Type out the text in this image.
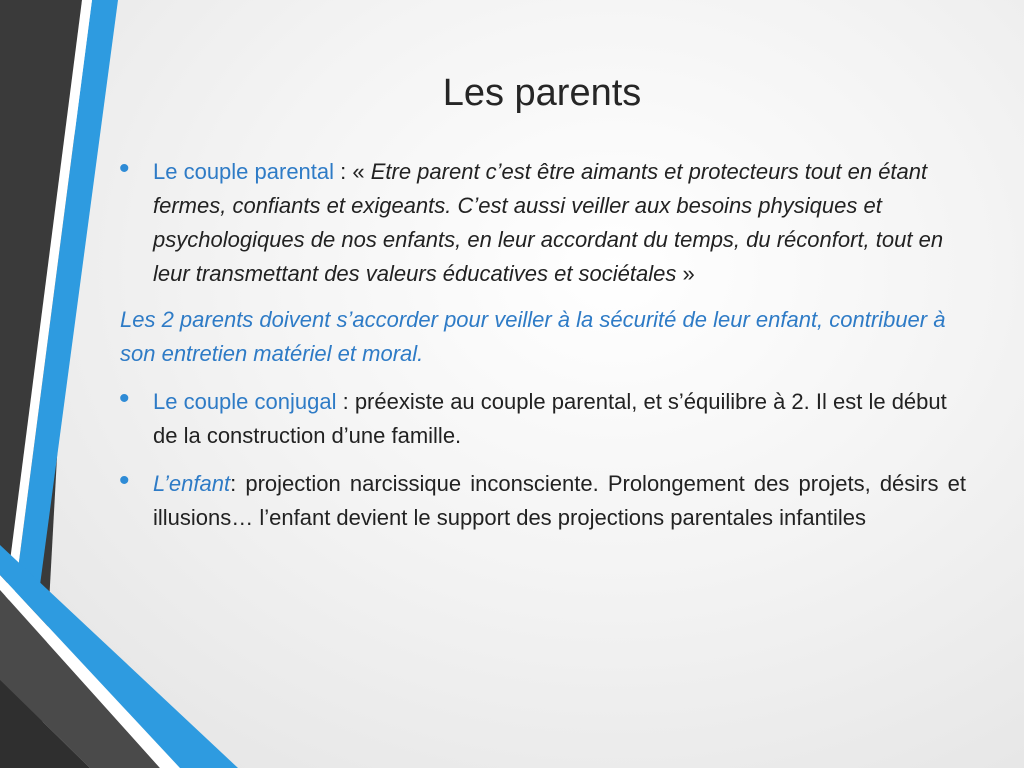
Les parents
• Le couple parental : « Etre parent c’est être aimants et protecteurs tout en étant fermes, confiants et exigeants. C’est aussi veiller aux besoins physiques et psychologiques de nos enfants, en leur accordant du temps, du réconfort, tout en leur transmettant des valeurs éducatives et sociétales »

Les 2 parents doivent s’accorder pour veiller à la sécurité de leur enfant, contribuer à son entretien matériel et moral.

• Le couple conjugal : préexiste au couple parental, et s’équilibre à 2. Il est le début de la construction d’une famille.

• L’enfant: projection narcissique inconsciente. Prolongement des projets, désirs et illusions… l’enfant devient le support des projections parentales infantiles
